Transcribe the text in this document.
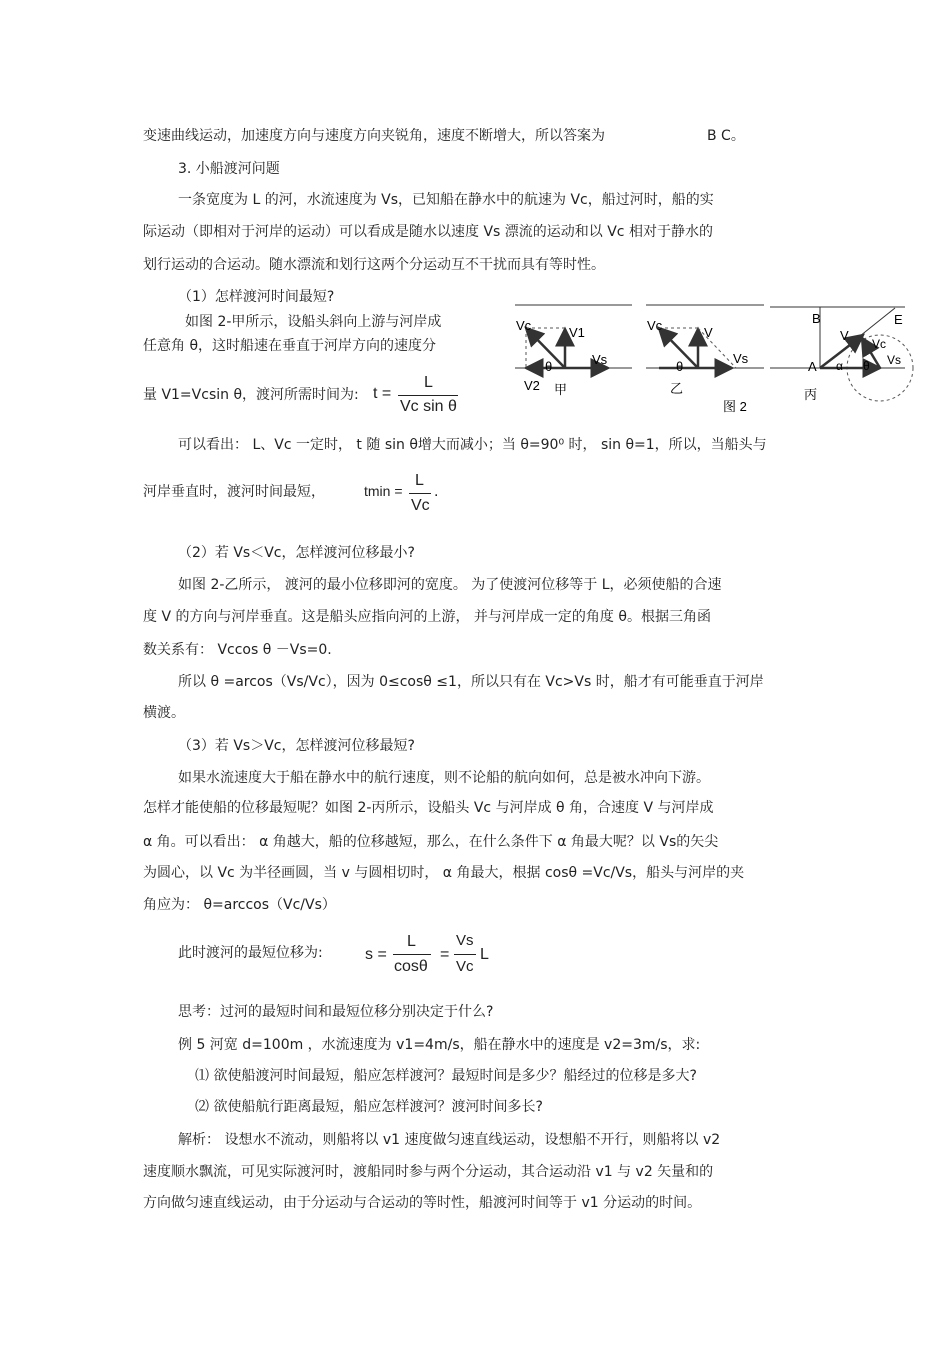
变速曲线运动，加速度方向与速度方向夹锐角，速度不断增大，所以答案为	B C。
3. 小船渡河问题
一条宽度为 L 的河，水流速度为 Vs，已知船在静水中的航速为 Vc，船过河时，船的实
际运动（即相对于河岸的运动）可以看成是随水以速度 Vs 漂流的运动和以 Vc 相对于静水的
划行运动的合运动。随水漂流和划行这两个分运动互不干扰而具有等时性。
（1）怎样渡河时间最短?
如图 2-甲所示，设船头斜向上游与河岸成
任意角 θ，这时船速在垂直于河岸方向的速度分
量 V1=Vcsin θ，渡河所需时间为: t =
L
Vc sin θ
可以看出： L、Vc 一定时， t 随 sin θ增大而减小；当 θ=90⁰ 时， sin θ=1，所以，当船头与
河岸垂直时，渡河时间最短，	tmin =
L
Vc
.
（2）若 Vs＜Vc，怎样渡河位移最小?
如图 2-乙所示， 渡河的最小位移即河的宽度。 为了使渡河位移等于 L，必须使船的合速
度 V 的方向与河岸垂直。这是船头应指向河的上游， 并与河岸成一定的角度 θ。根据三角函
数关系有： Vccos θ －Vs=0.
所以 θ =arcos（Vs/Vc），因为 0≤cosθ ≤1，所以只有在 Vc>Vs 时，船才有可能垂直于河岸
横渡。
（3）若 Vs＞Vc，怎样渡河位移最短?
如果水流速度大于船在静水中的航行速度，则不论船的航向如何，总是被水冲向下游。
怎样才能使船的位移最短呢？如图 2-丙所示，设船头 Vc 与河岸成 θ 角，合速度 V 与河岸成
α 角。可以看出： α 角越大，船的位移越短，那么，在什么条件下 α 角最大呢？以 Vs的矢尖
为圆心，以 Vc 为半径画圆，当 v 与圆相切时， α 角最大，根据 cosθ =Vc/Vs，船头与河岸的夹
角应为： θ=arccos（Vc/Vs）
此时渡河的最短位移为:	s =
L
cosθ
=
Vs
Vc
L
思考：过河的最短时间和最短位移分别决定于什么?
例 5 河宽 d=100m ，水流速度为 v1=4m/s，船在静水中的速度是 v2=3m/s，求:
⑴ 欲使船渡河时间最短，船应怎样渡河？最短时间是多少？船经过的位移是多大?
⑵ 欲使船航行距离最短，船应怎样渡河？渡河时间多长?
解析： 设想水不流动，则船将以 v1 速度做匀速直线运动，设想船不开行，则船将以 v2
速度顺水飘流，可见实际渡河时，渡船同时参与两个分运动，其合运动沿 v1 与 v2 矢量和的
方向做匀速直线运动，由于分运动与合运动的等时性，船渡河时间等于 v1 分运动的时间。
Vc	V1
Vs
θ
V2 甲
Vc	V
Vs
θ
乙
B	E
V
Vc
Vs
A α θ
丙
图 2
